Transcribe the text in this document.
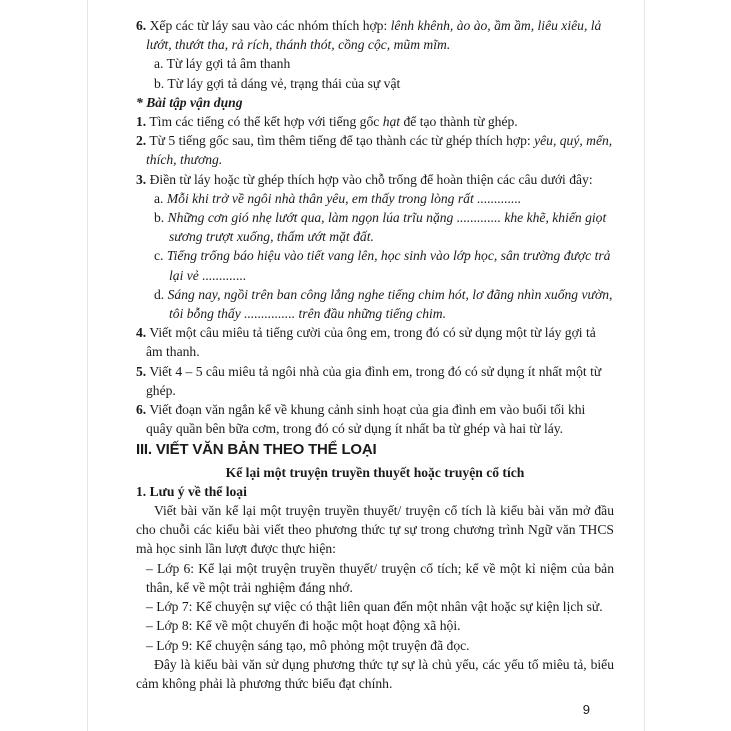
6. Xếp các từ láy sau vào các nhóm thích hợp: lênh khênh, ào ào, ầm ầm, liêu xiêu, lả lướt, thướt tha, rả rích, thánh thót, cồng cộc, mũm mĩm.

a. Từ láy gợi tả âm thanh

b. Từ láy gợi tả dáng vẻ, trạng thái của sự vật

* Bài tập vận dụng

1. Tìm các tiếng có thể kết hợp với tiếng gốc hạt để tạo thành từ ghép.

2. Từ 5 tiếng gốc sau, tìm thêm tiếng để tạo thành các từ ghép thích hợp: yêu, quý, mến, thích, thương.

3. Điền từ láy hoặc từ ghép thích hợp vào chỗ trống để hoàn thiện các câu dưới đây:

a. Mỗi khi trở về ngôi nhà thân yêu, em thấy trong lòng rất .............

b. Những cơn gió nhẹ lướt qua, làm ngọn lúa trĩu nặng ............. khe khẽ, khiến giọt sương trượt xuống, thấm ướt mặt đất.

c. Tiếng trống báo hiệu vào tiết vang lên, học sinh vào lớp học, sân trường được trả lại vẻ .............

d. Sáng nay, ngồi trên ban công lắng nghe tiếng chim hót, lơ đãng nhìn xuống vườn, tôi bỗng thấy ............... trên đầu những tiếng chim.

4. Viết một câu miêu tả tiếng cười của ông em, trong đó có sử dụng một từ láy gợi tả âm thanh.

5. Viết 4 – 5 câu miêu tả ngôi nhà của gia đình em, trong đó có sử dụng ít nhất một từ ghép.

6. Viết đoạn văn ngắn kể về khung cảnh sinh hoạt của gia đình em vào buổi tối khi quây quần bên bữa cơm, trong đó có sử dụng ít nhất ba từ ghép và hai từ láy.

III. VIẾT VĂN BẢN THEO THỂ LOẠI

Kể lại một truyện truyền thuyết hoặc truyện cổ tích

1. Lưu ý về thể loại

Viết bài văn kể lại một truyện truyền thuyết/ truyện cổ tích là kiểu bài văn mở đầu cho chuỗi các kiểu bài viết theo phương thức tự sự trong chương trình Ngữ văn THCS mà học sinh lần lượt được thực hiện:

– Lớp 6: Kể lại một truyện truyền thuyết/ truyện cổ tích; kể về một kỉ niệm của bản thân, kể về một trải nghiệm đáng nhớ.

– Lớp 7: Kể chuyện sự việc có thật liên quan đến một nhân vật hoặc sự kiện lịch sử.

– Lớp 8: Kể về một chuyến đi hoặc một hoạt động xã hội.

– Lớp 9: Kể chuyện sáng tạo, mô phỏng một truyện đã đọc.

Đây là kiểu bài văn sử dụng phương thức tự sự là chủ yếu, các yếu tố miêu tả, biểu cảm không phải là phương thức biểu đạt chính.

9
